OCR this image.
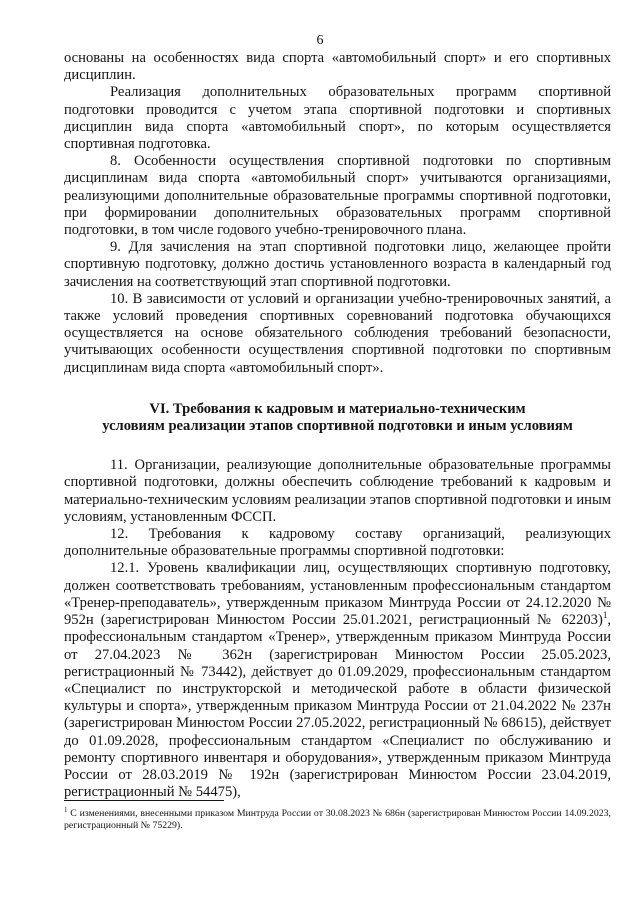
6

основаны на особенностях вида спорта «автомобильный спорт» и его спортивных дисциплин.

Реализация дополнительных образовательных программ спортивной подготовки проводится с учетом этапа спортивной подготовки и спортивных дисциплин вида спорта «автомобильный спорт», по которым осуществляется спортивная подготовка.

8. Особенности осуществления спортивной подготовки по спортивным дисциплинам вида спорта «автомобильный спорт» учитываются организациями, реализующими дополнительные образовательные программы спортивной подготовки, при формировании дополнительных образовательных программ спортивной подготовки, в том числе годового учебно-тренировочного плана.

9. Для зачисления на этап спортивной подготовки лицо, желающее пройти спортивную подготовку, должно достичь установленного возраста в календарный год зачисления на соответствующий этап спортивной подготовки.

10. В зависимости от условий и организации учебно-тренировочных занятий, а также условий проведения спортивных соревнований подготовка обучающихся осуществляется на основе обязательного соблюдения требований безопасности, учитывающих особенности осуществления спортивной подготовки по спортивным дисциплинам вида спорта «автомобильный спорт».

VI. Требования к кадровым и материально-техническим
условиям реализации этапов спортивной подготовки и иным условиям

11. Организации, реализующие дополнительные образовательные программы спортивной подготовки, должны обеспечить соблюдение требований к кадровым и материально-техническим условиям реализации этапов спортивной подготовки и иным условиям, установленным ФССП.

12. Требования к кадровому составу организаций, реализующих дополнительные образовательные программы спортивной подготовки:

12.1. Уровень квалификации лиц, осуществляющих спортивную подготовку, должен соответствовать требованиям, установленным профессиональным стандартом «Тренер-преподаватель», утвержденным приказом Минтруда России от 24.12.2020 № 952н (зарегистрирован Минюстом России 25.01.2021, регистрационный № 62203)$^1$, профессиональным стандартом «Тренер», утвержденным приказом Минтруда России от 27.04.2023 № 362н (зарегистрирован Минюстом России 25.05.2023, регистрационный № 73442), действует до 01.09.2029, профессиональным стандартом «Специалист по инструкторской и методической работе в области физической культуры и спорта», утвержденным приказом Минтруда России от 21.04.2022 № 237н (зарегистрирован Минюстом России 27.05.2022, регистрационный № 68615), действует до 01.09.2028, профессиональным стандартом «Специалист по обслуживанию и ремонту спортивного инвентаря и оборудования», утвержденным приказом Минтруда России от 28.03.2019 № 192н (зарегистрирован Минюстом России 23.04.2019, регистрационный № 54475),

$^1$ С изменениями, внесенными приказом Минтруда России от 30.08.2023 № 686н (зарегистрирован Минюстом России 14.09.2023, регистрационный № 75229).
